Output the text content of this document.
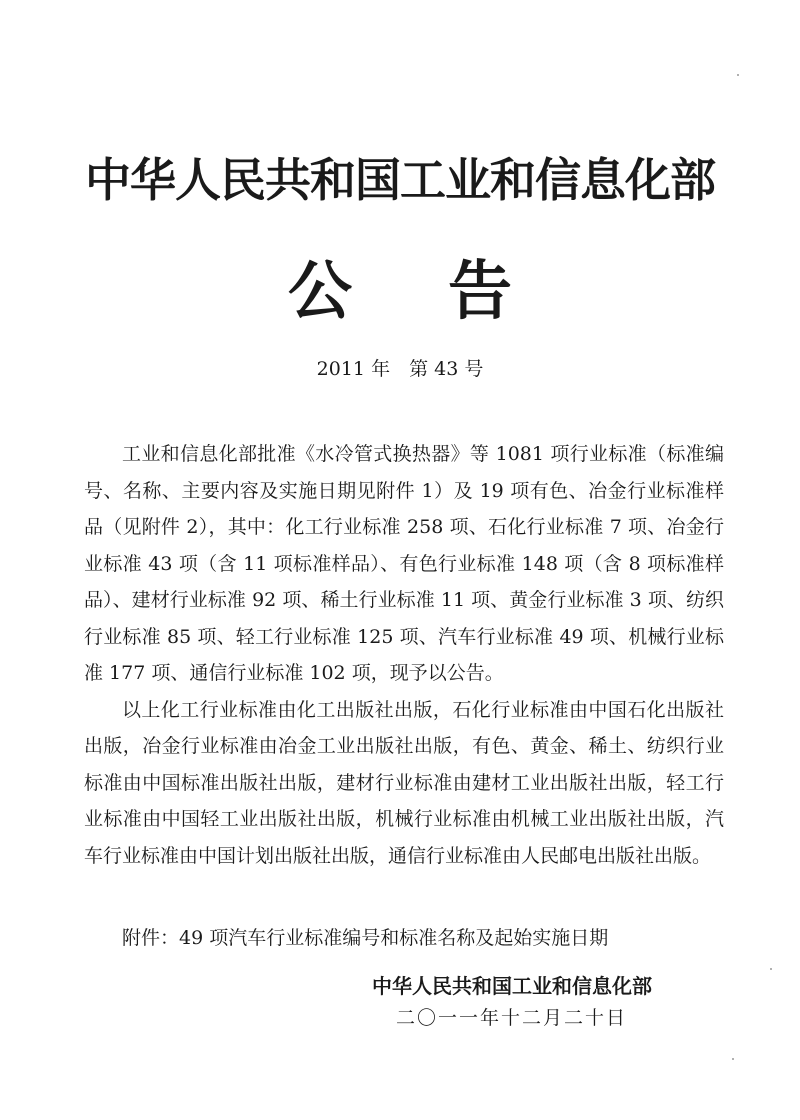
中华人民共和国工业和信息化部
公告
2011 年　第 43 号

工业和信息化部批准《水冷管式换热器》等 1081 项行业标准（标准编号、名称、主要内容及实施日期见附件 1）及 19 项有色、冶金行业标准样品（见附件 2），其中：化工行业标准 258 项、石化行业标准 7 项、冶金行业标准 43 项（含 11 项标准样品）、有色行业标准 148 项（含 8 项标准样品）、建材行业标准 92 项、稀土行业标准 11 项、黄金行业标准 3 项、纺织行业标准 85 项、轻工行业标准 125 项、汽车行业标准 49 项、机械行业标准 177 项、通信行业标准 102 项，现予以公告。

以上化工行业标准由化工出版社出版，石化行业标准由中国石化出版社出版，冶金行业标准由冶金工业出版社出版，有色、黄金、稀土、纺织行业标准由中国标准出版社出版，建材行业标准由建材工业出版社出版，轻工行业标准由中国轻工业出版社出版，机械行业标准由机械工业出版社出版，汽车行业标准由中国计划出版社出版，通信行业标准由人民邮电出版社出版。

附件：49 项汽车行业标准编号和标准名称及起始实施日期
中华人民共和国工业和信息化部
二〇一一年十二月二十日
